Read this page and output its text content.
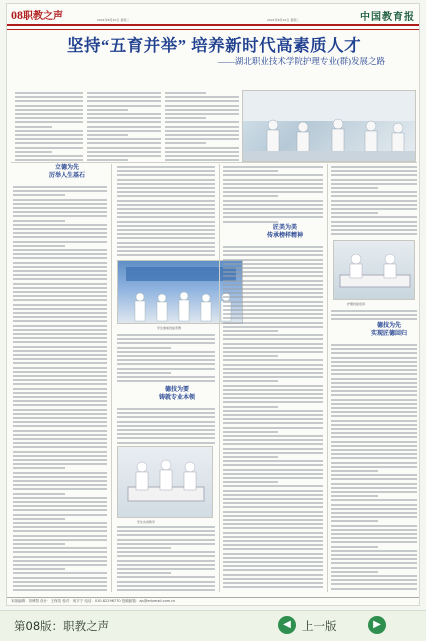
08职教之声	2021年8月10日 星期二	2021年8月10日 星期二	中国教育报
坚持“五育并举” 培养新时代高素质人才
——湖北职业技术学院护理专业(群)发展之路
学生参加技能竞赛
学生实训教学
护理技能培训
立德为先
厉举人生基石
德技为要
铸就专业本领
匠美为美
传承榜样精神
德技为先
实现匠德回归
本版编辑：刘博智 设计：王保英 校对：何字宁 电话：010-82296770 投稿邮箱：zjs@edumail.com.cn
第08版：职教之声	◀ 上一版	▶
